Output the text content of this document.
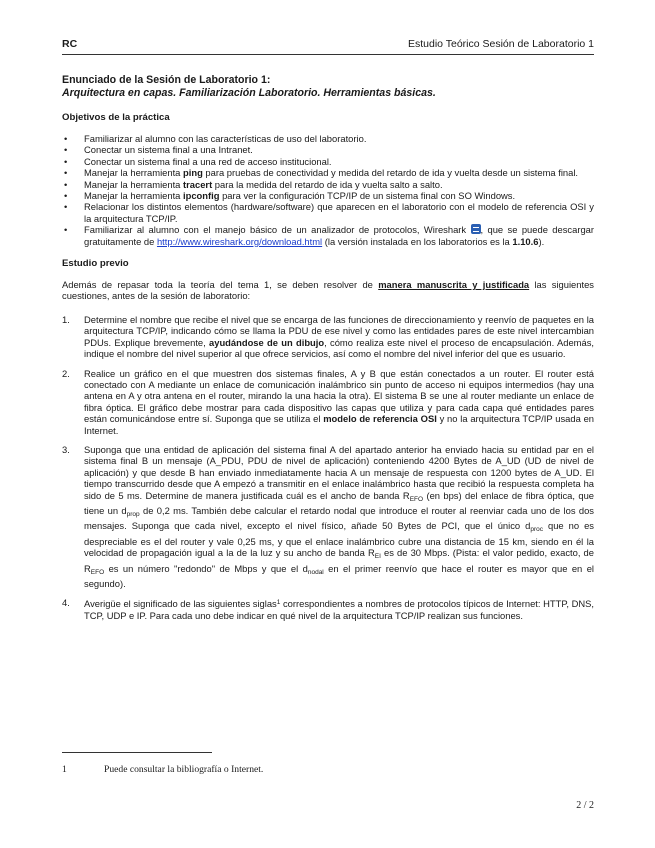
RC	Estudio Teórico Sesión de Laboratorio 1
Enunciado de la Sesión de Laboratorio 1:
Arquitectura en capas. Familiarización Laboratorio. Herramientas básicas.
Objetivos de la práctica
• Familiarizar al alumno con las características de uso del laboratorio.
• Conectar un sistema final a una Intranet.
• Conectar un sistema final a una red de acceso institucional.
• Manejar la herramienta ping para pruebas de conectividad y medida del retardo de ida y vuelta desde un sistema final.
• Manejar la herramienta tracert para la medida del retardo de ida y vuelta salto a salto.
• Manejar la herramienta ipconfig para ver la configuración TCP/IP de un sistema final con SO Windows.
• Relacionar los distintos elementos (hardware/software) que aparecen en el laboratorio con el modelo de referencia OSI y la arquitectura TCP/IP.
• Familiarizar al alumno con el manejo básico de un analizador de protocolos, Wireshark , que se puede descargar gratuitamente de http://www.wireshark.org/download.html (la versión instalada en los laboratorios es la 1.10.6).
Estudio previo
Además de repasar toda la teoría del tema 1, se deben resolver de manera manuscrita y justificada las siguientes cuestiones, antes de la sesión de laboratorio:
1. Determine el nombre que recibe el nivel que se encarga de las funciones de direccionamiento y reenvío de paquetes en la arquitectura TCP/IP, indicando cómo se llama la PDU de ese nivel y como las entidades pares de este nivel intercambian PDUs. Explique brevemente, ayudándose de un dibujo, cómo realiza este nivel el proceso de encapsulación. Además, indique el nombre del nivel superior al que ofrece servicios, así como el nombre del nivel inferior del que es usuario.
2. Realice un gráfico en el que muestren dos sistemas finales, A y B que están conectados a un router. El router está conectado con A mediante un enlace de comunicación inalámbrico sin punto de acceso ni equipos intermedios (hay una antena en A y otra antena en el router, mirando la una hacia la otra). El sistema B se une al router mediante un enlace de fibra óptica. El gráfico debe mostrar para cada dispositivo las capas que utiliza y para cada capa qué entidades pares están comunicándose entre sí. Suponga que se utiliza el modelo de referencia OSI y no la arquitectura TCP/IP usada en Internet.
3. Suponga que una entidad de aplicación del sistema final A del apartado anterior ha enviado hacia su entidad par en el sistema final B un mensaje (A_PDU, PDU de nivel de aplicación) conteniendo 4200 Bytes de A_UD (UD de nivel de aplicación) y que desde B han enviado inmediatamente hacia A un mensaje de respuesta con 1200 bytes de A_UD. El tiempo transcurrido desde que A empezó a transmitir en el enlace inalámbrico hasta que recibió la respuesta completa ha sido de 5 ms. Determine de manera justificada cuál es el ancho de banda $R_{EFO}$ (en bps) del enlace de fibra óptica, que tiene un $d_{prop}$ de 0,2 ms. También debe calcular el retardo nodal que introduce el router al reenviar cada uno de los dos mensajes. Suponga que cada nivel, excepto el nivel físico, añade 50 Bytes de PCI, que el único $d_{proc}$ que no es despreciable es el del router y vale 0,25 ms, y que el enlace inalámbrico cubre una distancia de 15 km, siendo en él la velocidad de propagación igual a la de la luz y su ancho de banda $R_{EI}$ es de 30 Mbps. (Pista: el valor pedido, exacto, de $R_{EFO}$ es un número "redondo" de Mbps y que el $d_{nodal}$ en el primer reenvío que hace el router es mayor que en el segundo).
4. Averigüe el significado de las siguientes siglas$^1$ correspondientes a nombres de protocolos típicos de Internet: HTTP, DNS, TCP, UDP e IP. Para cada uno debe indicar en qué nivel de la arquitectura TCP/IP realizan sus funciones.
1	Puede consultar la bibliografía o Internet.
2 / 2
